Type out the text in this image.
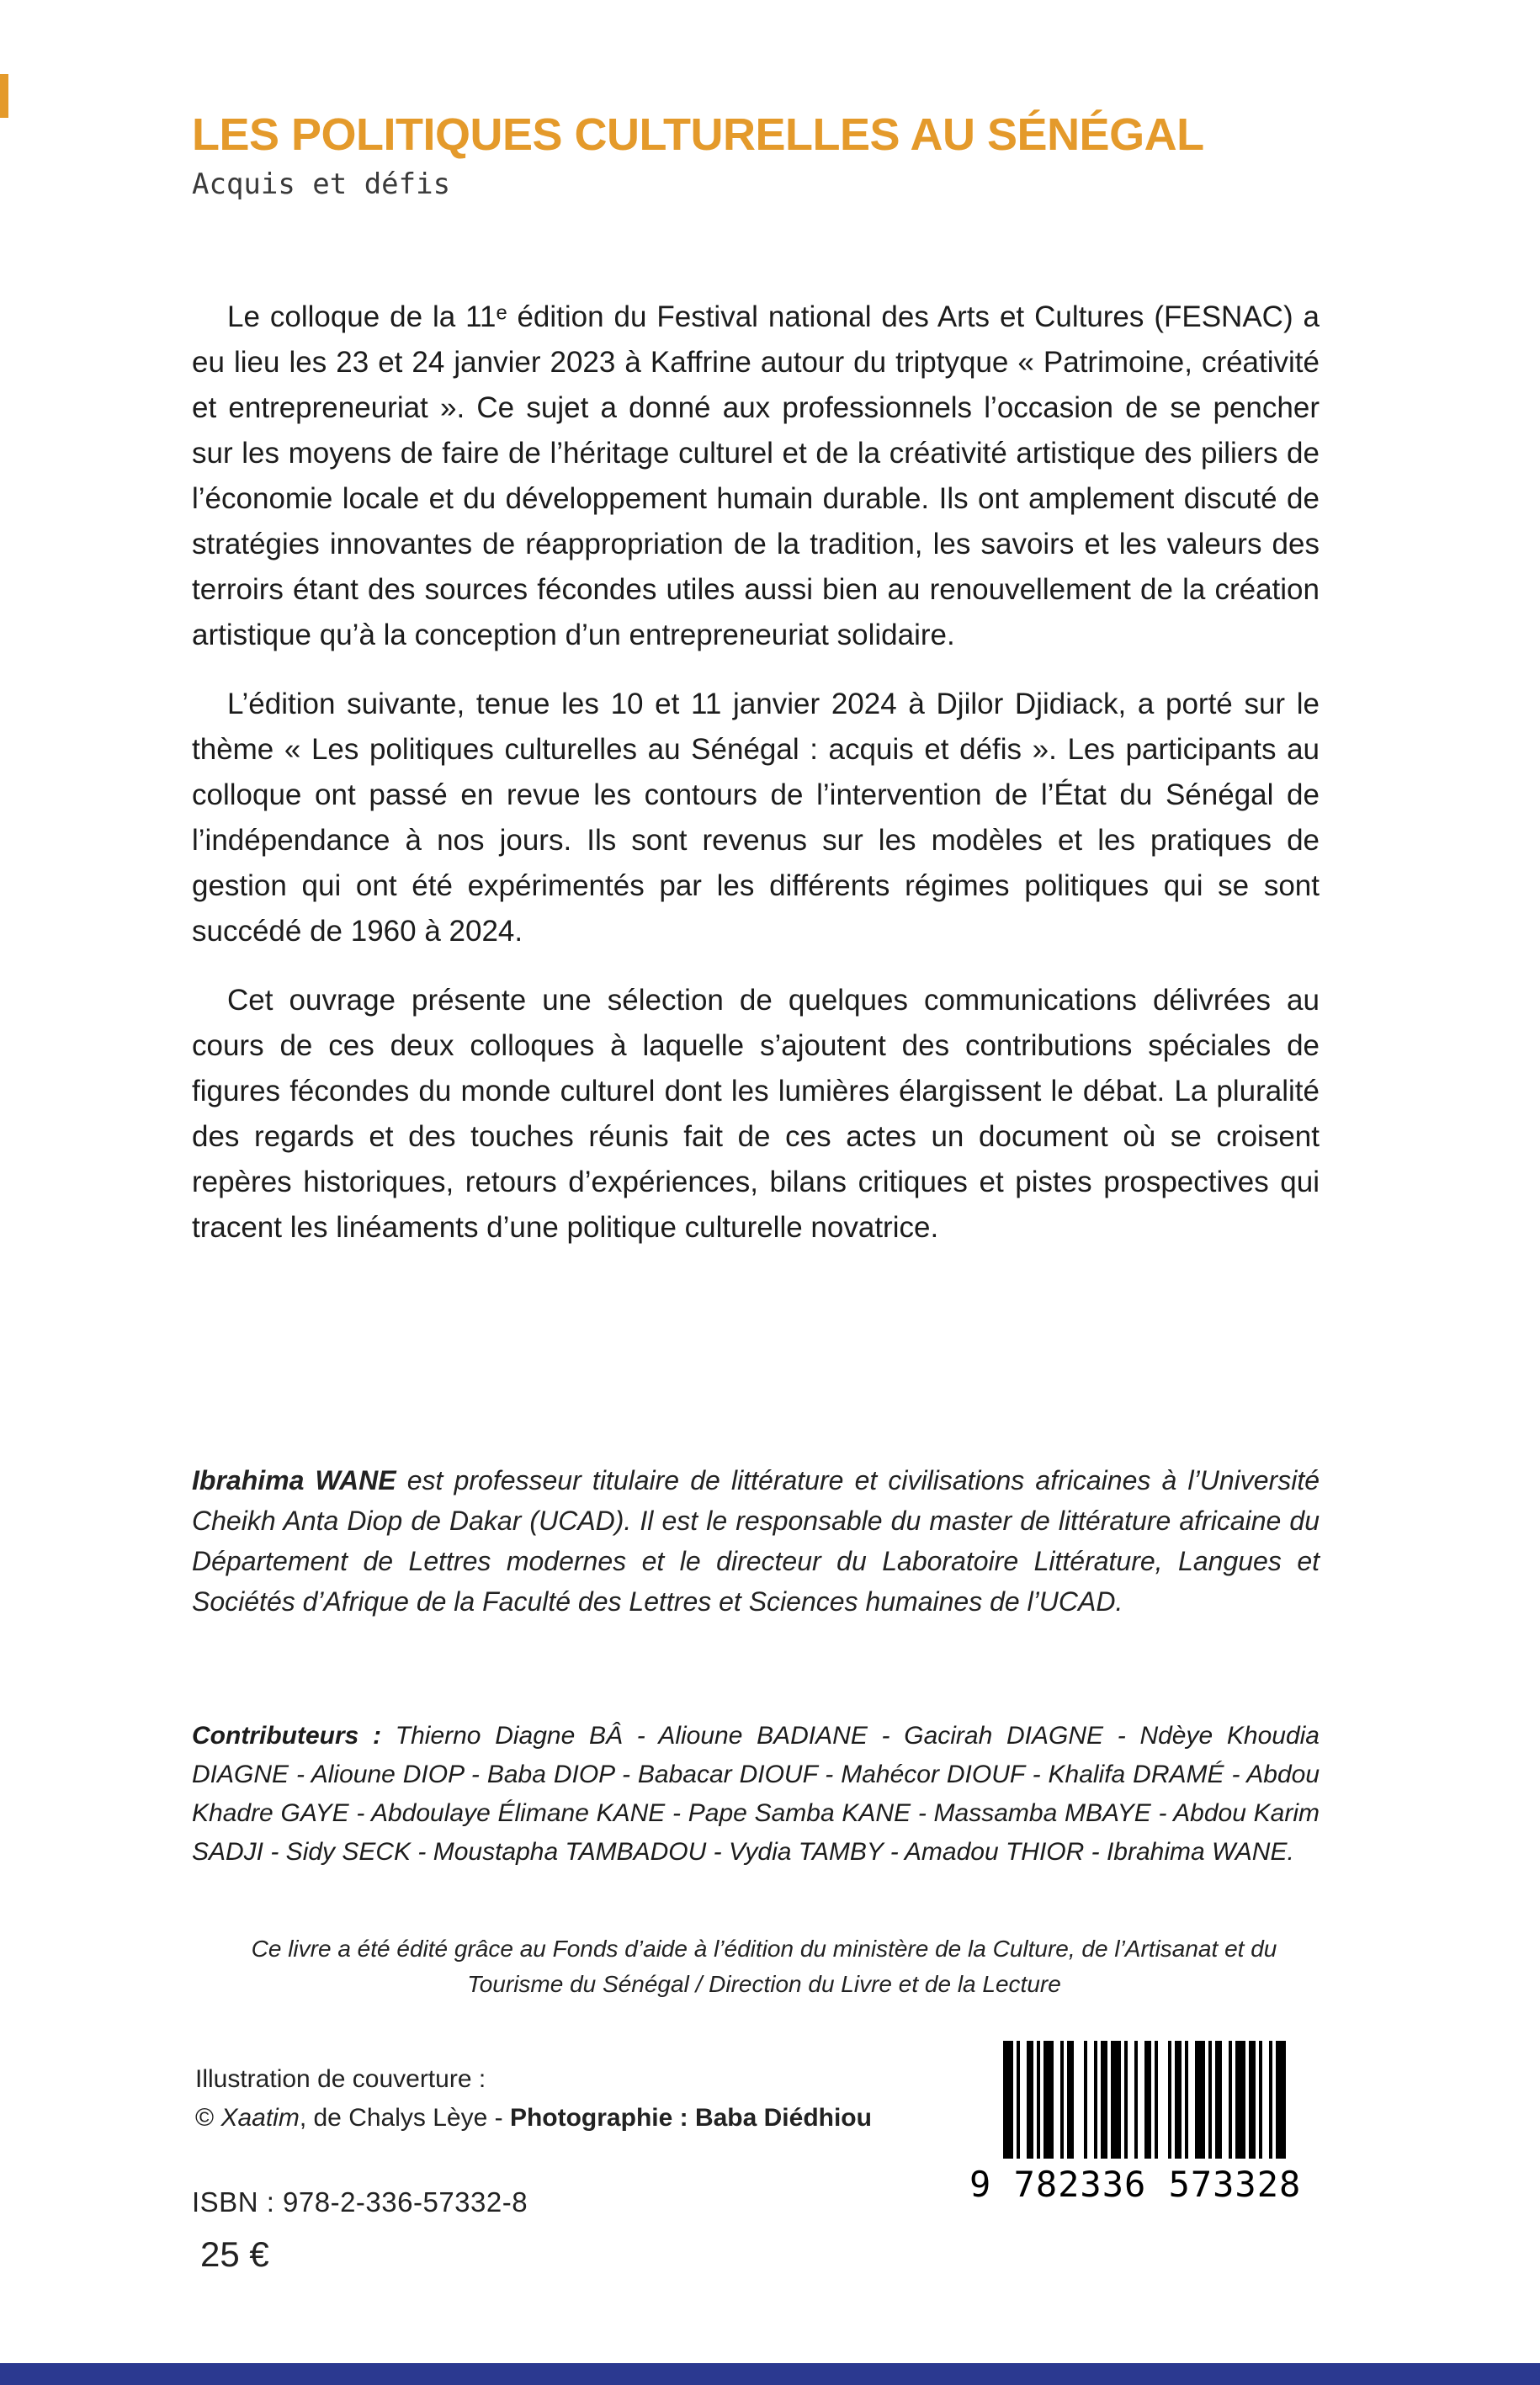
LES POLITIQUES CULTURELLES AU SÉNÉGAL
Acquis et défis

Le colloque de la 11ᵉ édition du Festival national des Arts et Cultures (FESNAC) a eu lieu les 23 et 24 janvier 2023 à Kaffrine autour du triptyque « Patrimoine, créativité et entrepreneuriat ». Ce sujet a donné aux professionnels l’occasion de se pencher sur les moyens de faire de l’héritage culturel et de la créativité artistique des piliers de l’économie locale et du développement humain durable. Ils ont amplement discuté de stratégies innovantes de réappropriation de la tradition, les savoirs et les valeurs des terroirs étant des sources fécondes utiles aussi bien au renouvellement de la création artistique qu’à la conception d’un entrepreneuriat solidaire.

L’édition suivante, tenue les 10 et 11 janvier 2024 à Djilor Djidiack, a porté sur le thème « Les politiques culturelles au Sénégal : acquis et défis ». Les participants au colloque ont passé en revue les contours de l’intervention de l’État du Sénégal de l’indépendance à nos jours. Ils sont revenus sur les modèles et les pratiques de gestion qui ont été expérimentés par les différents régimes politiques qui se sont succédé de 1960 à 2024.

Cet ouvrage présente une sélection de quelques communications délivrées au cours de ces deux colloques à laquelle s’ajoutent des contributions spéciales de figures fécondes du monde culturel dont les lumières élargissent le débat. La pluralité des regards et des touches réunis fait de ces actes un document où se croisent repères historiques, retours d’expériences, bilans critiques et pistes prospectives qui tracent les linéaments d’une politique culturelle novatrice.

Ibrahima WANE est professeur titulaire de littérature et civilisations africaines à l’Université Cheikh Anta Diop de Dakar (UCAD). Il est le responsable du master de littérature africaine du Département de Lettres modernes et le directeur du Laboratoire Littérature, Langues et Sociétés d’Afrique de la Faculté des Lettres et Sciences humaines de l’UCAD.

Contributeurs : Thierno Diagne BÂ - Alioune BADIANE - Gacirah DIAGNE - Ndèye Khoudia DIAGNE - Alioune DIOP - Baba DIOP - Babacar DIOUF - Mahécor DIOUF - Khalifa DRAMÉ - Abdou Khadre GAYE - Abdoulaye Élimane KANE - Pape Samba KANE - Massamba MBAYE - Abdou Karim SADJI - Sidy SECK - Moustapha TAMBADOU - Vydia TAMBY - Amadou THIOR - Ibrahima WANE.

Ce livre a été édité grâce au Fonds d’aide à l’édition du ministère de la Culture, de l’Artisanat et du Tourisme du Sénégal / Direction du Livre et de la Lecture

Illustration de couverture :
© Xaatim, de Chalys Lèye - Photographie : Baba Diédhiou
ISBN : 978-2-336-57332-8
25 €
9 782336 573328
